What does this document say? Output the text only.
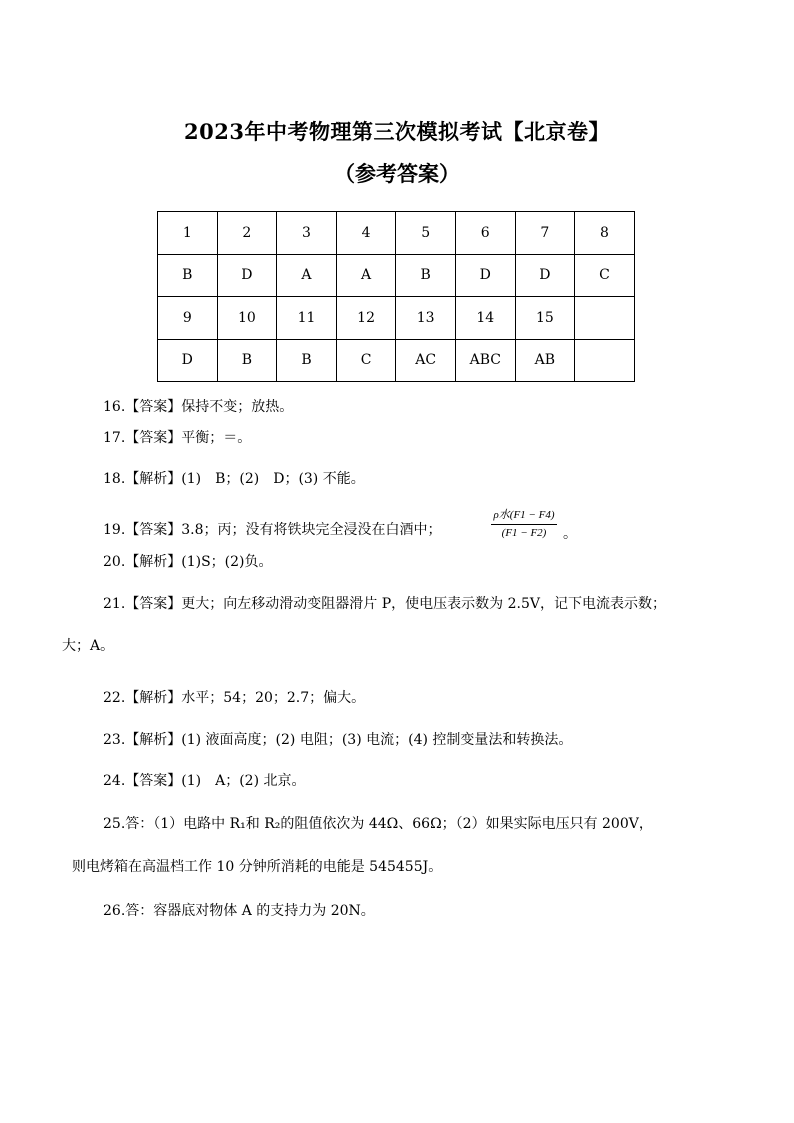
2023年中考物理第三次模拟考试【北京卷】
（参考答案）
1	2	3	4	5	6	7	8
B	D	A	A	B	D	D	C
9	10	11	12	13	14	15	
D	B	B	C	AC	ABC	AB	
16.【答案】保持不变；放热。
17.【答案】平衡；＝。
18.【解析】(1)　B；(2)　D；(3) 不能。
19.【答案】3.8；丙；没有将铁块完全浸没在白酒中；
ρ水(F1 − F4)
(F1 − F2)	。
20.【解析】(1)S；(2)负。
21.【答案】更大；向左移动滑动变阻器滑片 P，使电压表示数为 2.5V，记下电流表示数；
大；A。
22.【解析】水平；54；20；2.7；偏大。
23.【解析】(1) 液面高度；(2) 电阻；(3) 电流；(4) 控制变量法和转换法。
24.【答案】(1)　A；(2) 北京。
25.答：（1）电路中 R₁和 R₂的阻值依次为 44Ω、66Ω；（2）如果实际电压只有 200V，
则电烤箱在高温档工作 10 分钟所消耗的电能是 545455J。
26.答：容器底对物体 A 的支持力为 20N。
